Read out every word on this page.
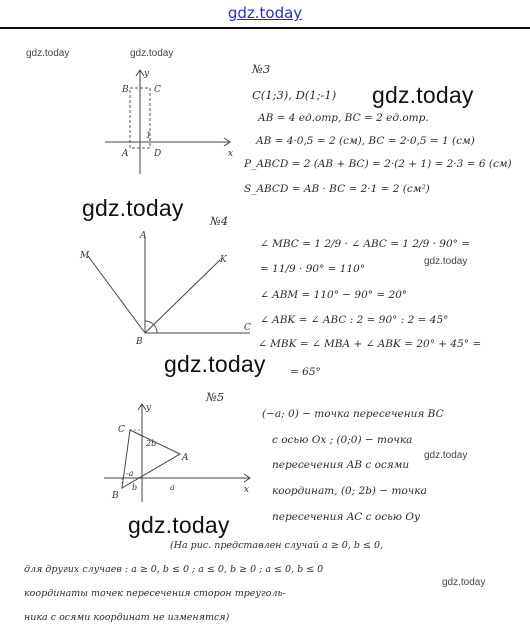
gdz.today
gdz.today	gdz.today
gdz.today
gdz.today
gdz.today
gdz.today
gdz.today
gdz.today
gdz.today
№3
C(1;3), D(1;-1)
AB = 4 ед.отр, BC = 2 ед.отр.
AB = 4·0,5 = 2 (см), BC = 2·0,5 = 1 (см)
P_ABCD = 2 (AB + BC) = 2·(2 + 1) = 2·3 = 6 (см)
S_ABCD = AB · BC = 2·1 = 2 (см²)
y
x
B	C
A	D
1
№4
∠ MBC = 1 2/9 · ∠ ABC = 1 2/9 · 90° =
= 11/9 · 90° = 110°
∠ ABM = 110° − 90° = 20°
∠ ABK = ∠ ABC : 2 = 90° : 2 = 45°
∠ MBK = ∠ MBA + ∠ ABK = 20° + 45° =
= 65°
A
M	K
B
C
№5
(−a; 0) − точка пересечения BC
с осью Ox ; (0;0) − точка
пересечения AB с осями
координат, (0; 2b) − точка
пересечения AC с осью Oy
(На рис. представлен случай a ≥ 0, b ≤ 0,
для других случаев : a ≥ 0, b ≤ 0 ; a ≤ 0, b ≥ 0 ; a ≤ 0, b ≤ 0
координаты точек пересечения сторон треуголь-
ника с осями координат не изменятся)
y
x
C
A
B
2b
-a
a
b
